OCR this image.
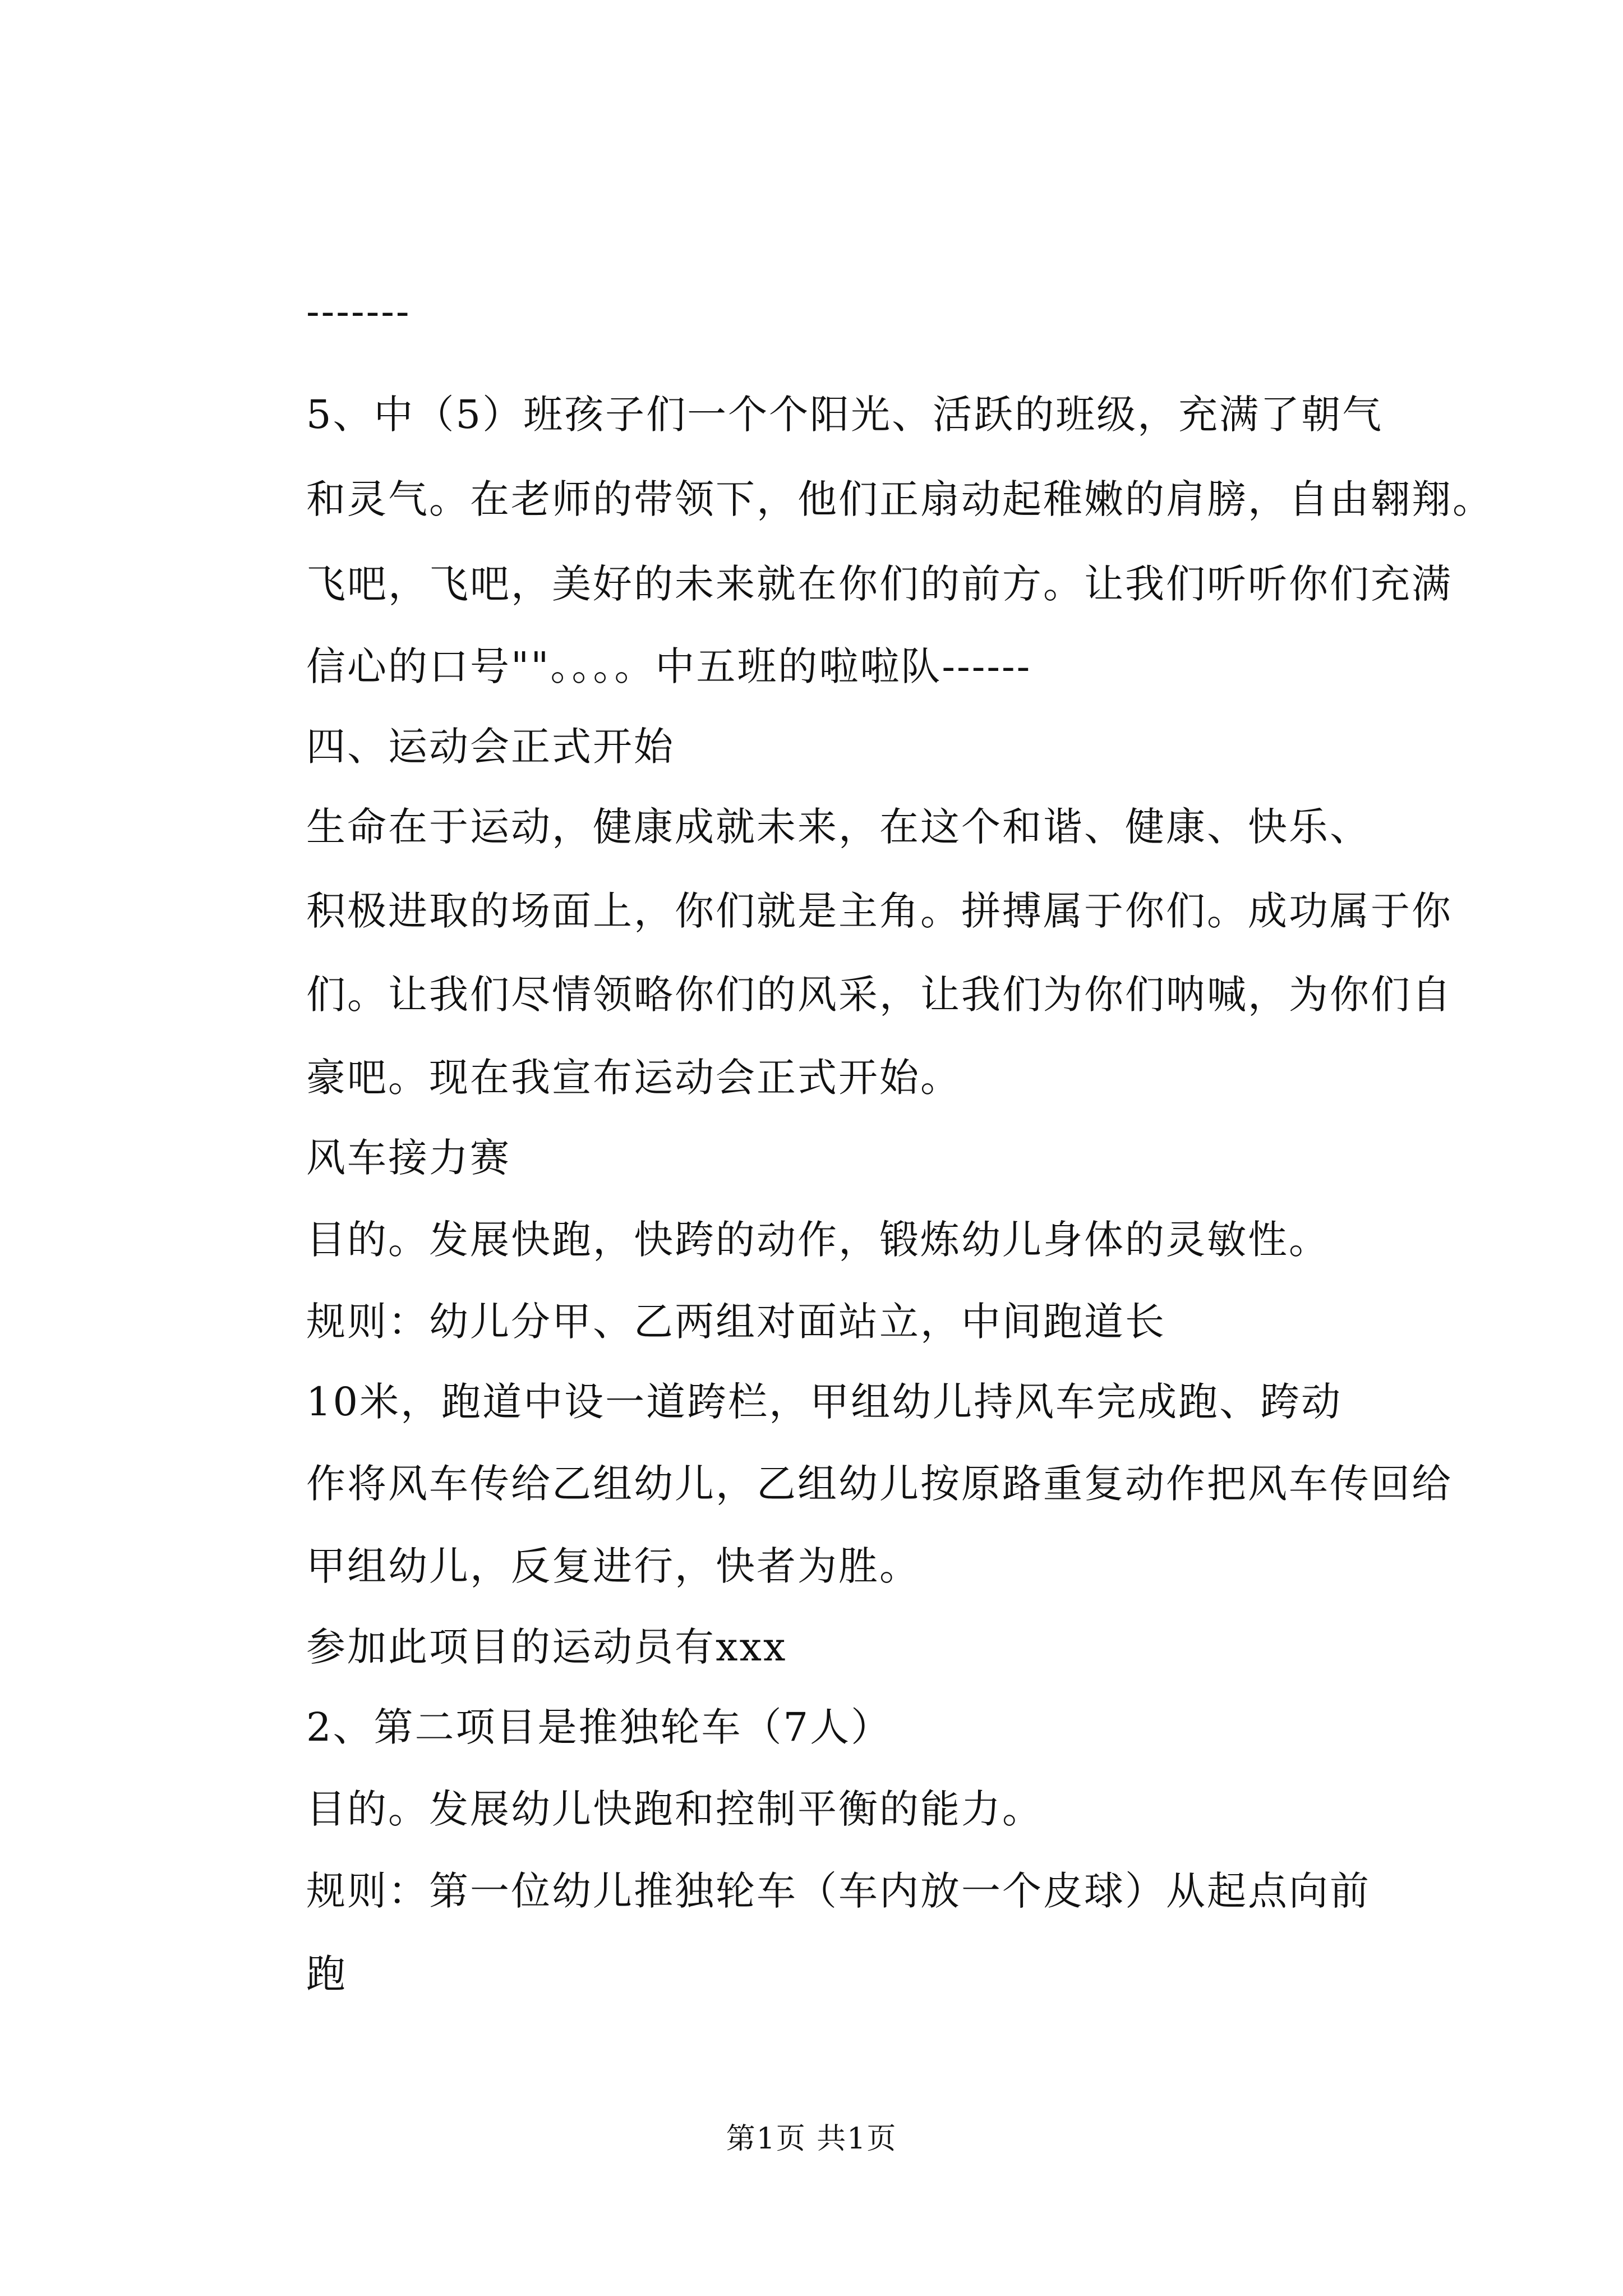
-------
5、中（5）班孩子们一个个阳光、活跃的班级，充满了朝气
和灵气。在老师的带领下，他们正扇动起稚嫩的肩膀，自由翱翔。
飞吧，飞吧，美好的未来就在你们的前方。让我们听听你们充满
信心的口号""。。。。中五班的啦啦队------
四、运动会正式开始
生命在于运动，健康成就未来，在这个和谐、健康、快乐、
积极进取的场面上，你们就是主角。拼搏属于你们。成功属于你
们。让我们尽情领略你们的风采，让我们为你们呐喊，为你们自
豪吧。现在我宣布运动会正式开始。
风车接力赛
目的。发展快跑，快跨的动作，锻炼幼儿身体的灵敏性。
规则：幼儿分甲、乙两组对面站立，中间跑道长
10米，跑道中设一道跨栏，甲组幼儿持风车完成跑、跨动
作将风车传给乙组幼儿，乙组幼儿按原路重复动作把风车传回给
甲组幼儿，反复进行，快者为胜。
参加此项目的运动员有xxx
2、第二项目是推独轮车（7人）
目的。发展幼儿快跑和控制平衡的能力。
规则：第一位幼儿推独轮车（车内放一个皮球）从起点向前
跑
第1页 共1页
